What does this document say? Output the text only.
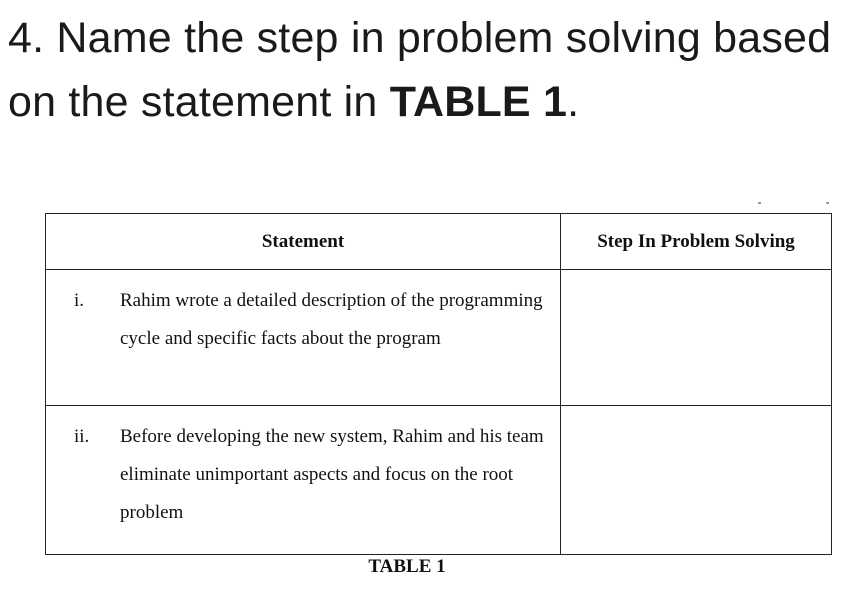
4. Name the step in problem solving based on the statement in TABLE 1.
Statement	Step In Problem Solving

i. Rahim wrote a detailed description of the programming cycle and specific facts about the program	

ii. Before developing the new system, Rahim and his team eliminate unimportant aspects and focus on the root problem	

TABLE 1
